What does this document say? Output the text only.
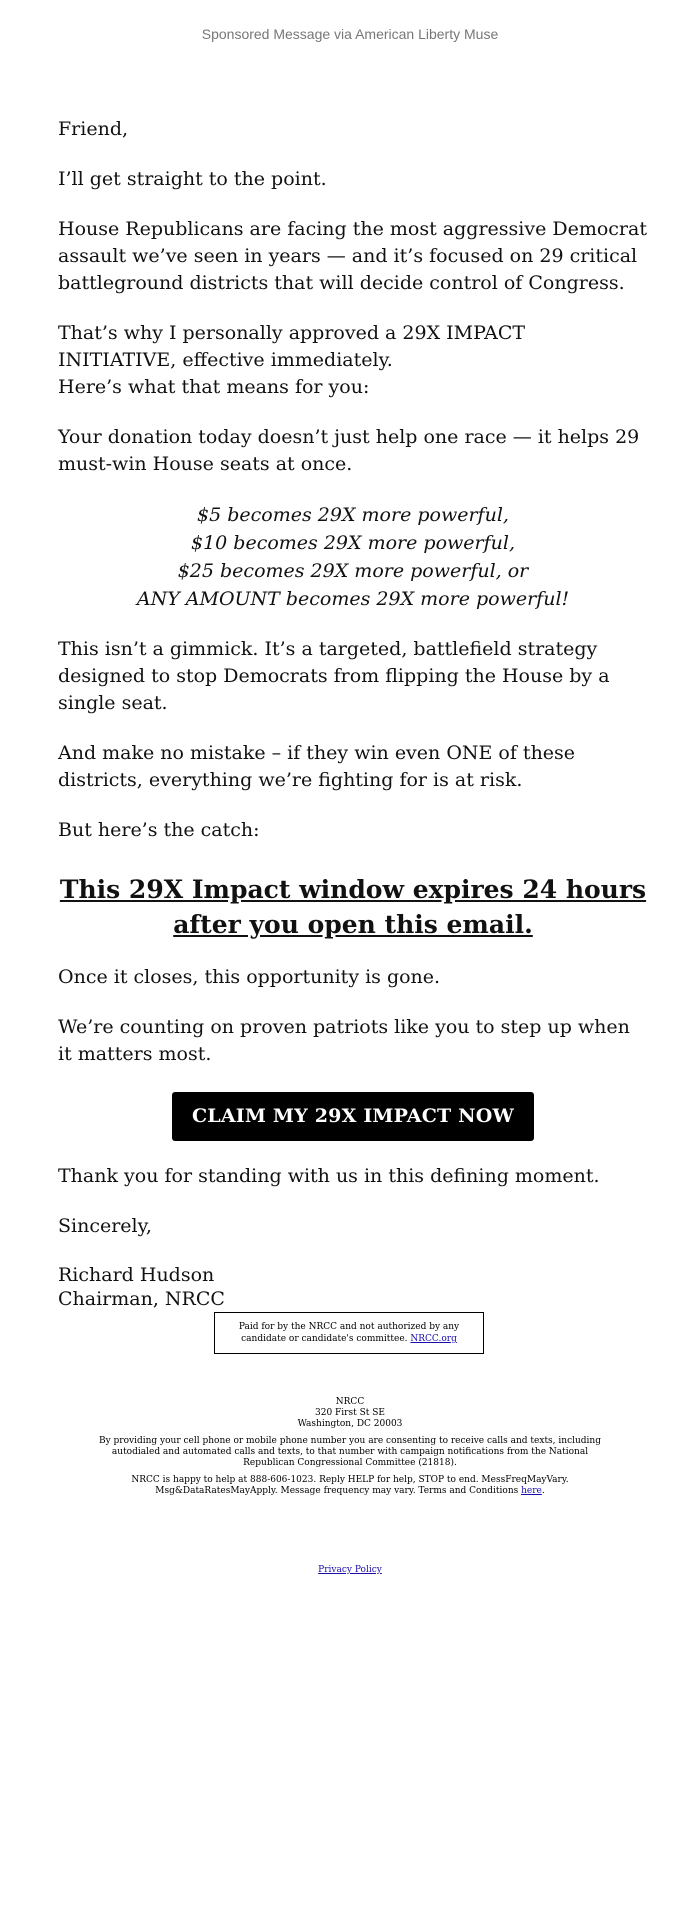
Sponsored Message via American Liberty Muse

Friend,

I’ll get straight to the point.

House Republicans are facing the most aggressive Democrat assault we’ve seen in years — and it’s focused on 29 critical battleground districts that will decide control of Congress.

That’s why I personally approved a 29X IMPACT INITIATIVE, effective immediately.
Here’s what that means for you:

Your donation today doesn’t just help one race — it helps 29 must-win House seats at once.

$5 becomes 29X more powerful,
$10 becomes 29X more powerful,
$25 becomes 29X more powerful, or
ANY AMOUNT becomes 29X more powerful!

This isn’t a gimmick. It’s a targeted, battlefield strategy designed to stop Democrats from flipping the House by a single seat.

And make no mistake – if they win even ONE of these districts, everything we’re fighting for is at risk.

But here’s the catch:

This 29X Impact window expires 24 hours
after you open this email.

Once it closes, this opportunity is gone.

We’re counting on proven patriots like you to step up when it matters most.

CLAIM MY 29X IMPACT NOW

Thank you for standing with us in this defining moment.

Sincerely,

Richard Hudson
Chairman, NRCC
Paid for by the NRCC and not authorized by any candidate or candidate's committee. NRCC.org
NRCC
320 First St SE
Washington, DC 20003

By providing your cell phone or mobile phone number you are consenting to receive calls and texts, including autodialed and automated calls and texts, to that number with campaign notifications from the National Republican Congressional Committee (21818).

NRCC is happy to help at 888-606-1023. Reply HELP for help, STOP to end. MessFreqMayVary. Msg&DataRatesMayApply. Message frequency may vary. Terms and Conditions here.

Privacy Policy
